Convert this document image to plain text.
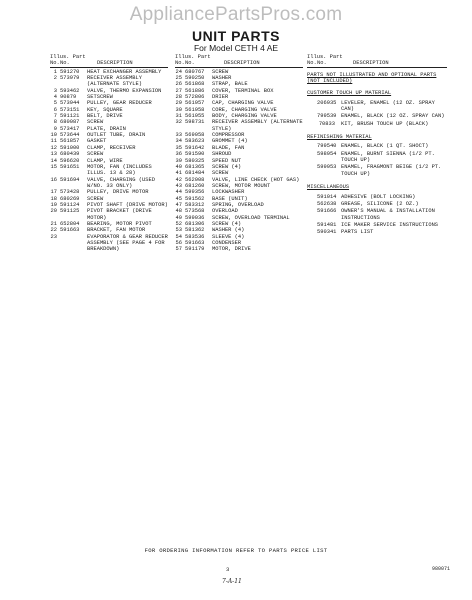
AppliancePartsPros.com
UNIT PARTS
For Model CETH 4 AE
Illus.
Part
No. No.	DESCRIPTION
1 591270	HEAT EXCHANGER ASSEMBLY
2 573979	RECEIVER ASSEMBLY (ALTERNATE STYLE)
3 593462	VALVE, THERMO EXPANSION
4 90879	SETSCREW
5 573944	PULLEY, GEAR REDUCER
6 573151	KEY, SQUARE
7 591121	BELT, DRIVE
8 680087	SCREW
9 573417	PLATE, DRAIN
10 573644	OUTLET TUBE, DRAIN
11 561857	GASKET
12 591000	CLAMP, RECEIVER
13 680439	SCREW
14 596620	CLAMP, WIRE
15 591651	MOTOR, FAN (INCLUDES ILLUS. 13 & 28)
16 591694	VALVE, CHARGING (USED W/NO. 33 ONLY)
17 573428	PULLEY, DRIVE MOTOR
18 680269	SCREW
19 591124	PIVOT SHAFT (DRIVE MOTOR)
20 591125	PIVOT BRACKET (DRIVE MOTOR)
21 652804	BEARING, MOTOR PIVOT
22 591663	BRACKET, FAN MOTOR
23	EVAPORATOR & GEAR REDUCER ASSEMBLY (SEE PAGE 4 FOR BREAKDOWN)
Illus.
Part
No. No.	DESCRIPTION
24 680767	SCREW
25 590250	WASHER
26 561868	STRAP, BALE
27 561886	COVER, TERMINAL BOX
28 572806	DRIER
29 561957	CAP, CHARGING VALVE
30 561958	CORE, CHARGING VALVE
31 561955	BODY, CHARGING VALVE
32 598731	RECEIVER ASSEMBLY (ALTERNATE STYLE)
33 569058	COMPRESSOR
34 583623	GROMMET (4)
35 591642	BLADE, FAN
36 591590	SHROUD
39 580325	SPEED NUT
40 681365	SCREW (4)
41 681484	SCREW
42 562008	VALVE, LINE CHECK (HOT GAS)
43 681260	SCREW, MOTOR MOUNT
44 599356	LOCKWASHER
45 591562	BASE (UNIT)
47 583312	SPRING, OVERLOAD
48 573568	OVERLOAD
49 599036	SCREW, OVERLOAD TERMINAL
52 681306	SCREW (4)
53 581362	WASHER (4)
54 583536	SLEEVE (4)
56 591663	CONDENSER
57 591179	MOTOR, DRIVE
Illus.
Part
No. No.	DESCRIPTION
PARTS NOT ILLUSTRATED AND OPTIONAL PARTS (NOT INCLUDED)
CUSTOMER TOUCH UP MATERIAL
206935 LEVELER, ENAMEL (12 OZ. SPRAY CAN)
799539 ENAMEL, BLACK (12 OZ. SPRAY CAN)
70833	KIT, BRUSH TOUCH UP (BLACK)
REFINISHING MATERIAL
799540 ENAMEL, BLACK (1 QT. SHOCT)
598954 ENAMEL, BURNT SIENNA (1/2 PT. TOUCH UP)
599953 ENAMEL, FRAGMONT BEIGE (1/2 PT. TOUCH UP)
MISCELLANEOUS
591014 ADHESIVE (BOLT LOCKING)
562638 GREASE, SILICONE (2 OZ.)
591666 OWNER'S MANUAL & INSTALLATION INSTRUCTIONS
591481 ICE MAKER SERVICE INSTRUCTIONS
590341 PARTS LIST
FOR ORDERING INFORMATION REFER TO PARTS PRICE LIST
3	980071
7-A-11
